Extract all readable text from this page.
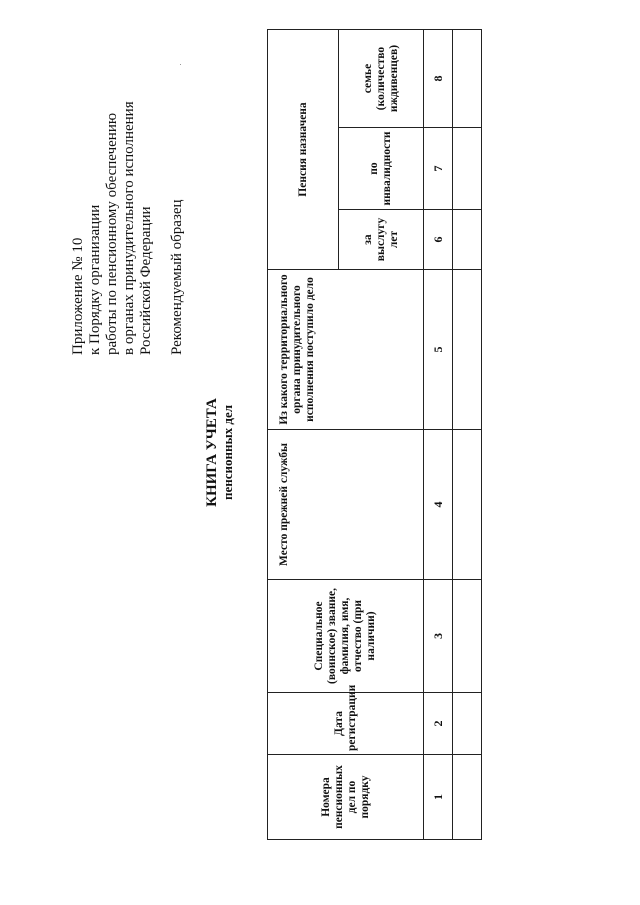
Приложение № 10 к Порядку организации работы по пенсионному обеспечению в органах принудительного исполнения Российской Федерации Рекомендуемый образец
КНИГА УЧЕТА пенсионных дел
Номера пенсионных дел по порядку	Дата регистрации	Специальное (воинское) звание, фамилия, имя, отчество (при наличии)	Место прежней службы	Из какого территориального органа принудительного исполнения поступило дело	Пенсия назначена		
					за выслугу лет	по инвалидности	семье (количество иждивенцев)
1	2	3	4	5	6	7	8
